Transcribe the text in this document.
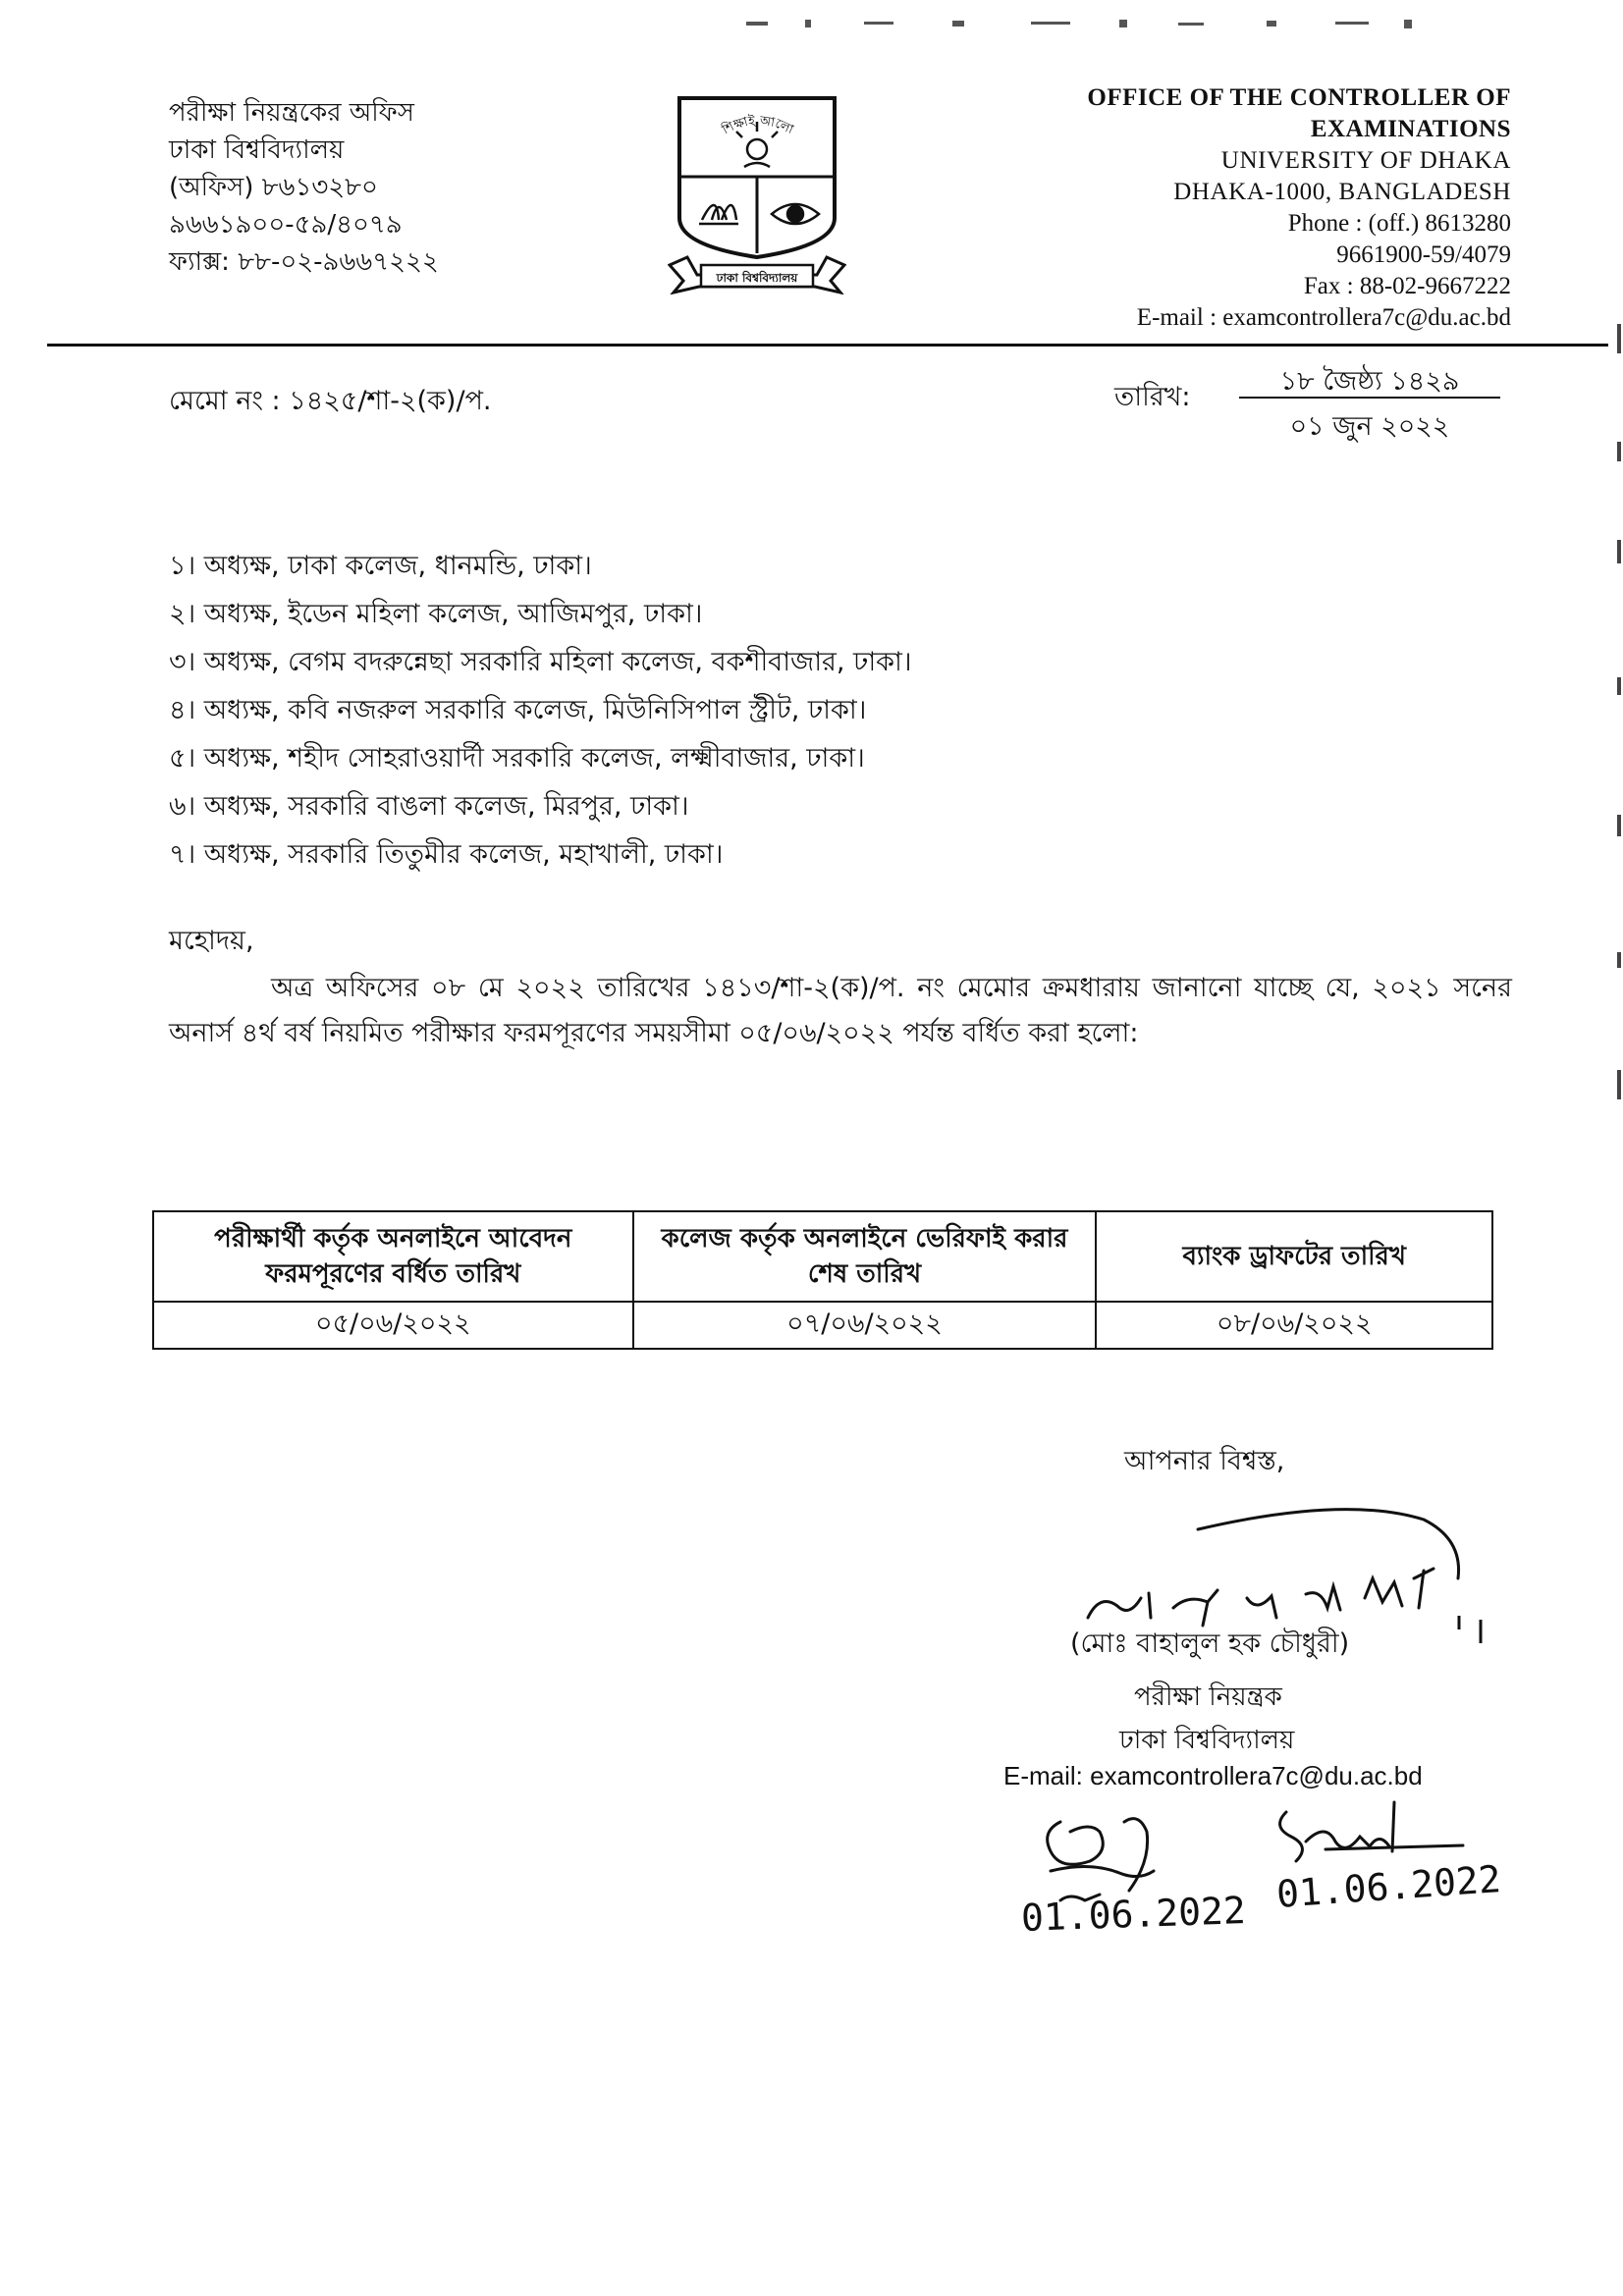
পরীক্ষা নিয়ন্ত্রকের অফিস
ঢাকা বিশ্ববিদ্যালয়
(অফিস) ৮৬১৩২৮০
৯৬৬১৯০০-৫৯/৪০৭৯
ফ্যাক্স: ৮৮-০২-৯৬৬৭২২২
শিক্ষাই আলো
ঢাকা বিশ্ববিদ্যালয়
OFFICE OF THE CONTROLLER OF
EXAMINATIONS
UNIVERSITY OF DHAKA
DHAKA-1000, BANGLADESH
Phone : (off.) 8613280
9661900-59/4079
Fax : 88-02-9667222
E-mail : examcontrollera7c@du.ac.bd
মেমো নং : ১৪২৫/শা-২(ক)/প.	তারিখ:
১৮ জৈষ্ঠ্য ১৪২৯
০১ জুন ২০২২
১। অধ্যক্ষ, ঢাকা কলেজ, ধানমন্ডি, ঢাকা।
২। অধ্যক্ষ, ইডেন মহিলা কলেজ, আজিমপুর, ঢাকা।
৩। অধ্যক্ষ, বেগম বদরুন্নেছা সরকারি মহিলা কলেজ, বকশীবাজার, ঢাকা।
৪। অধ্যক্ষ, কবি নজরুল সরকারি কলেজ, মিউনিসিপাল স্ট্রীট, ঢাকা।
৫। অধ্যক্ষ, শহীদ সোহরাওয়ার্দী সরকারি কলেজ, লক্ষ্মীবাজার, ঢাকা।
৬। অধ্যক্ষ, সরকারি বাঙলা কলেজ, মিরপুর, ঢাকা।
৭। অধ্যক্ষ, সরকারি তিতুমীর কলেজ, মহাখালী, ঢাকা।
মহোদয়,
অত্র অফিসের ০৮ মে ২০২২ তারিখের ১৪১৩/শা-২(ক)/প. নং মেমোর ক্রমধারায় জানানো যাচ্ছে যে, ২০২১ সনের অনার্স ৪র্থ বর্ষ নিয়মিত পরীক্ষার ফরমপূরণের সময়সীমা ০৫/০৬/২০২২ পর্যন্ত বর্ধিত করা হলো:
পরীক্ষার্থী কর্তৃক অনলাইনে আবেদন ফরমপূরণের বর্ধিত তারিখ	কলেজ কর্তৃক অনলাইনে ভেরিফাই করার শেষ তারিখ	ব্যাংক ড্রাফটের তারিখ
০৫/০৬/২০২২	০৭/০৬/২০২২	০৮/০৬/২০২২
আপনার বিশ্বস্ত,
(মোঃ বাহালুল হক চৌধুরী)
পরীক্ষা নিয়ন্ত্রক
ঢাকা বিশ্ববিদ্যালয়
E-mail: examcontrollera7c@du.ac.bd
01.06.2022 01.06.2022
